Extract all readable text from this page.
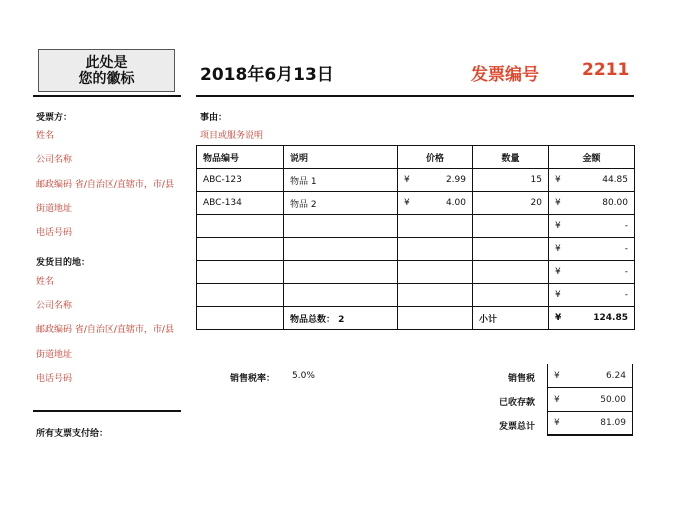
此处是
您的徽标	2018年6月13日	发票编号	2211
受票方：
姓名
公司名称
邮政编码 省/自治区/直辖市，市/县
街道地址
电话号码
发货目的地：
姓名
公司名称
邮政编码 省/自治区/直辖市，市/县
街道地址
电话号码
所有支票支付给：
事由：
项目或服务说明
物品编号	说明	价格	数量	金额
ABC-123	物品 1	¥ 2.99	15	¥ 44.85

ABC-134	物品 2	¥ 4.00	20	¥ 80.00

				¥ -

				¥ -

				¥ -

				¥ -

	物品总数： 2		小计	¥ 124.85
销售税率： 5.0%	销售税 ¥	6.24
已收存款 ¥	50.00
发票总计 ¥	81.09
